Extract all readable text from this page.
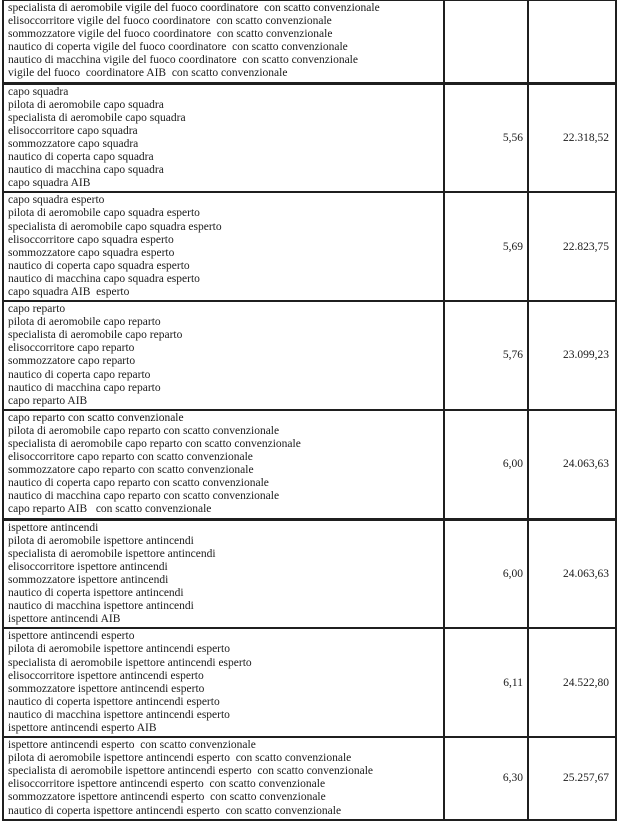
specialista di aeromobile vigile del fuoco coordinatore  con scatto convenzionale
elisoccorritore vigile del fuoco coordinatore  con scatto convenzionale
sommozzatore vigile del fuoco coordinatore  con scatto convenzionale
nautico di coperta vigile del fuoco coordinatore  con scatto convenzionale
nautico di macchina vigile del fuoco coordinatore  con scatto convenzionale
vigile del fuoco  coordinatore AIB  con scatto convenzionale

capo squadra
pilota di aeromobile capo squadra
specialista di aeromobile capo squadra
elisoccorritore capo squadra
sommozzatore capo squadra
nautico di coperta capo squadra
nautico di macchina capo squadra
capo squadra AIB
	5,56	22.318,52

capo squadra esperto
pilota di aeromobile capo squadra esperto
specialista di aeromobile capo squadra esperto
elisoccorritore capo squadra esperto
sommozzatore capo squadra esperto
nautico di coperta capo squadra esperto
nautico di macchina capo squadra esperto
capo squadra AIB  esperto
	5,69	22.823,75

capo reparto
pilota di aeromobile capo reparto
specialista di aeromobile capo reparto
elisoccorritore capo reparto
sommozzatore capo reparto
nautico di coperta capo reparto
nautico di macchina capo reparto
capo reparto AIB
	5,76	23.099,23

capo reparto con scatto convenzionale
pilota di aeromobile capo reparto con scatto convenzionale
specialista di aeromobile capo reparto con scatto convenzionale
elisoccorritore capo reparto con scatto convenzionale
sommozzatore capo reparto con scatto convenzionale
nautico di coperta capo reparto con scatto convenzionale
nautico di macchina capo reparto con scatto convenzionale
capo reparto AIB   con scatto convenzionale
	6,00	24.063,63

ispettore antincendi
pilota di aeromobile ispettore antincendi
specialista di aeromobile ispettore antincendi
elisoccorritore ispettore antincendi
sommozzatore ispettore antincendi
nautico di coperta ispettore antincendi
nautico di macchina ispettore antincendi
ispettore antincendi AIB
	6,00	24.063,63

ispettore antincendi esperto
pilota di aeromobile ispettore antincendi esperto
specialista di aeromobile ispettore antincendi esperto
elisoccorritore ispettore antincendi esperto
sommozzatore ispettore antincendi esperto
nautico di coperta ispettore antincendi esperto
nautico di macchina ispettore antincendi esperto
ispettore antincendi esperto AIB
	6,11	24.522,80

ispettore antincendi esperto  con scatto convenzionale
pilota di aeromobile ispettore antincendi esperto  con scatto convenzionale
specialista di aeromobile ispettore antincendi esperto  con scatto convenzionale
elisoccorritore ispettore antincendi esperto  con scatto convenzionale
sommozzatore ispettore antincendi esperto  con scatto convenzionale
nautico di coperta ispettore antincendi esperto  con scatto convenzionale
	6,30	25.257,67
